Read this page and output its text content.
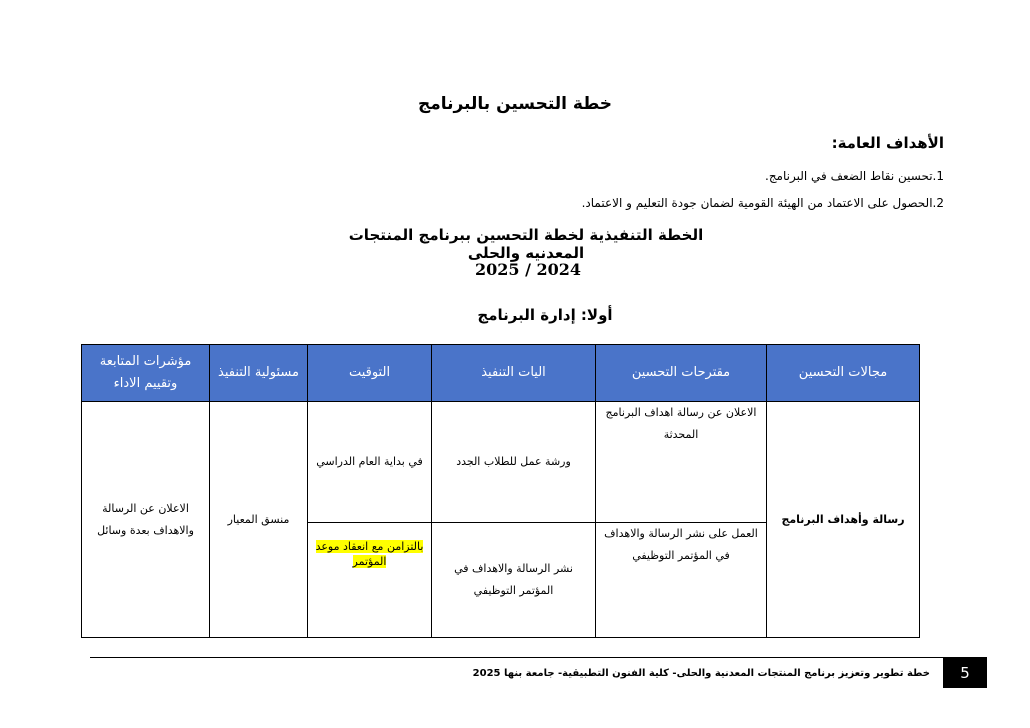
خطة التحسين بالبرنامج
الأهداف العامة:
1.تحسين نقاط الضعف في البرنامج.
2.الحصول على الاعتماد من الهيئة القومية لضمان جودة التعليم و الاعتماد.
الخطة التنفيذية لخطة التحسين ببرنامج المنتجات المعدنيه والحلى
2025 / 2024
أولا: إدارة البرنامج
مجالات التحسين	مقترحات التحسين	اليات التنفيذ	التوقيت	مسئولية التنفيذ	مؤشرات المتابعة وتقييم الاداء
رسالة وأهداف البرنامج	الاعلان عن رسالة اهداف البرنامج المحدثة	ورشة عمل للطلاب الجدد	في بداية العام الدراسي	منسق المعيار	الاعلان عن الرسالة والاهداف بعدة وسائل
	العمل على نشر الرسالة والاهداف في المؤتمر التوظيفي	نشر الرسالة والاهداف في المؤتمر التوظيفي	بالتزامن مع انعقاد موعد المؤتمر		
خطة تطوير وتعزيز برنامج المنتجات المعدنية والحلى- كلية الفنون التطبيقية- جامعة بنها 2025	5
